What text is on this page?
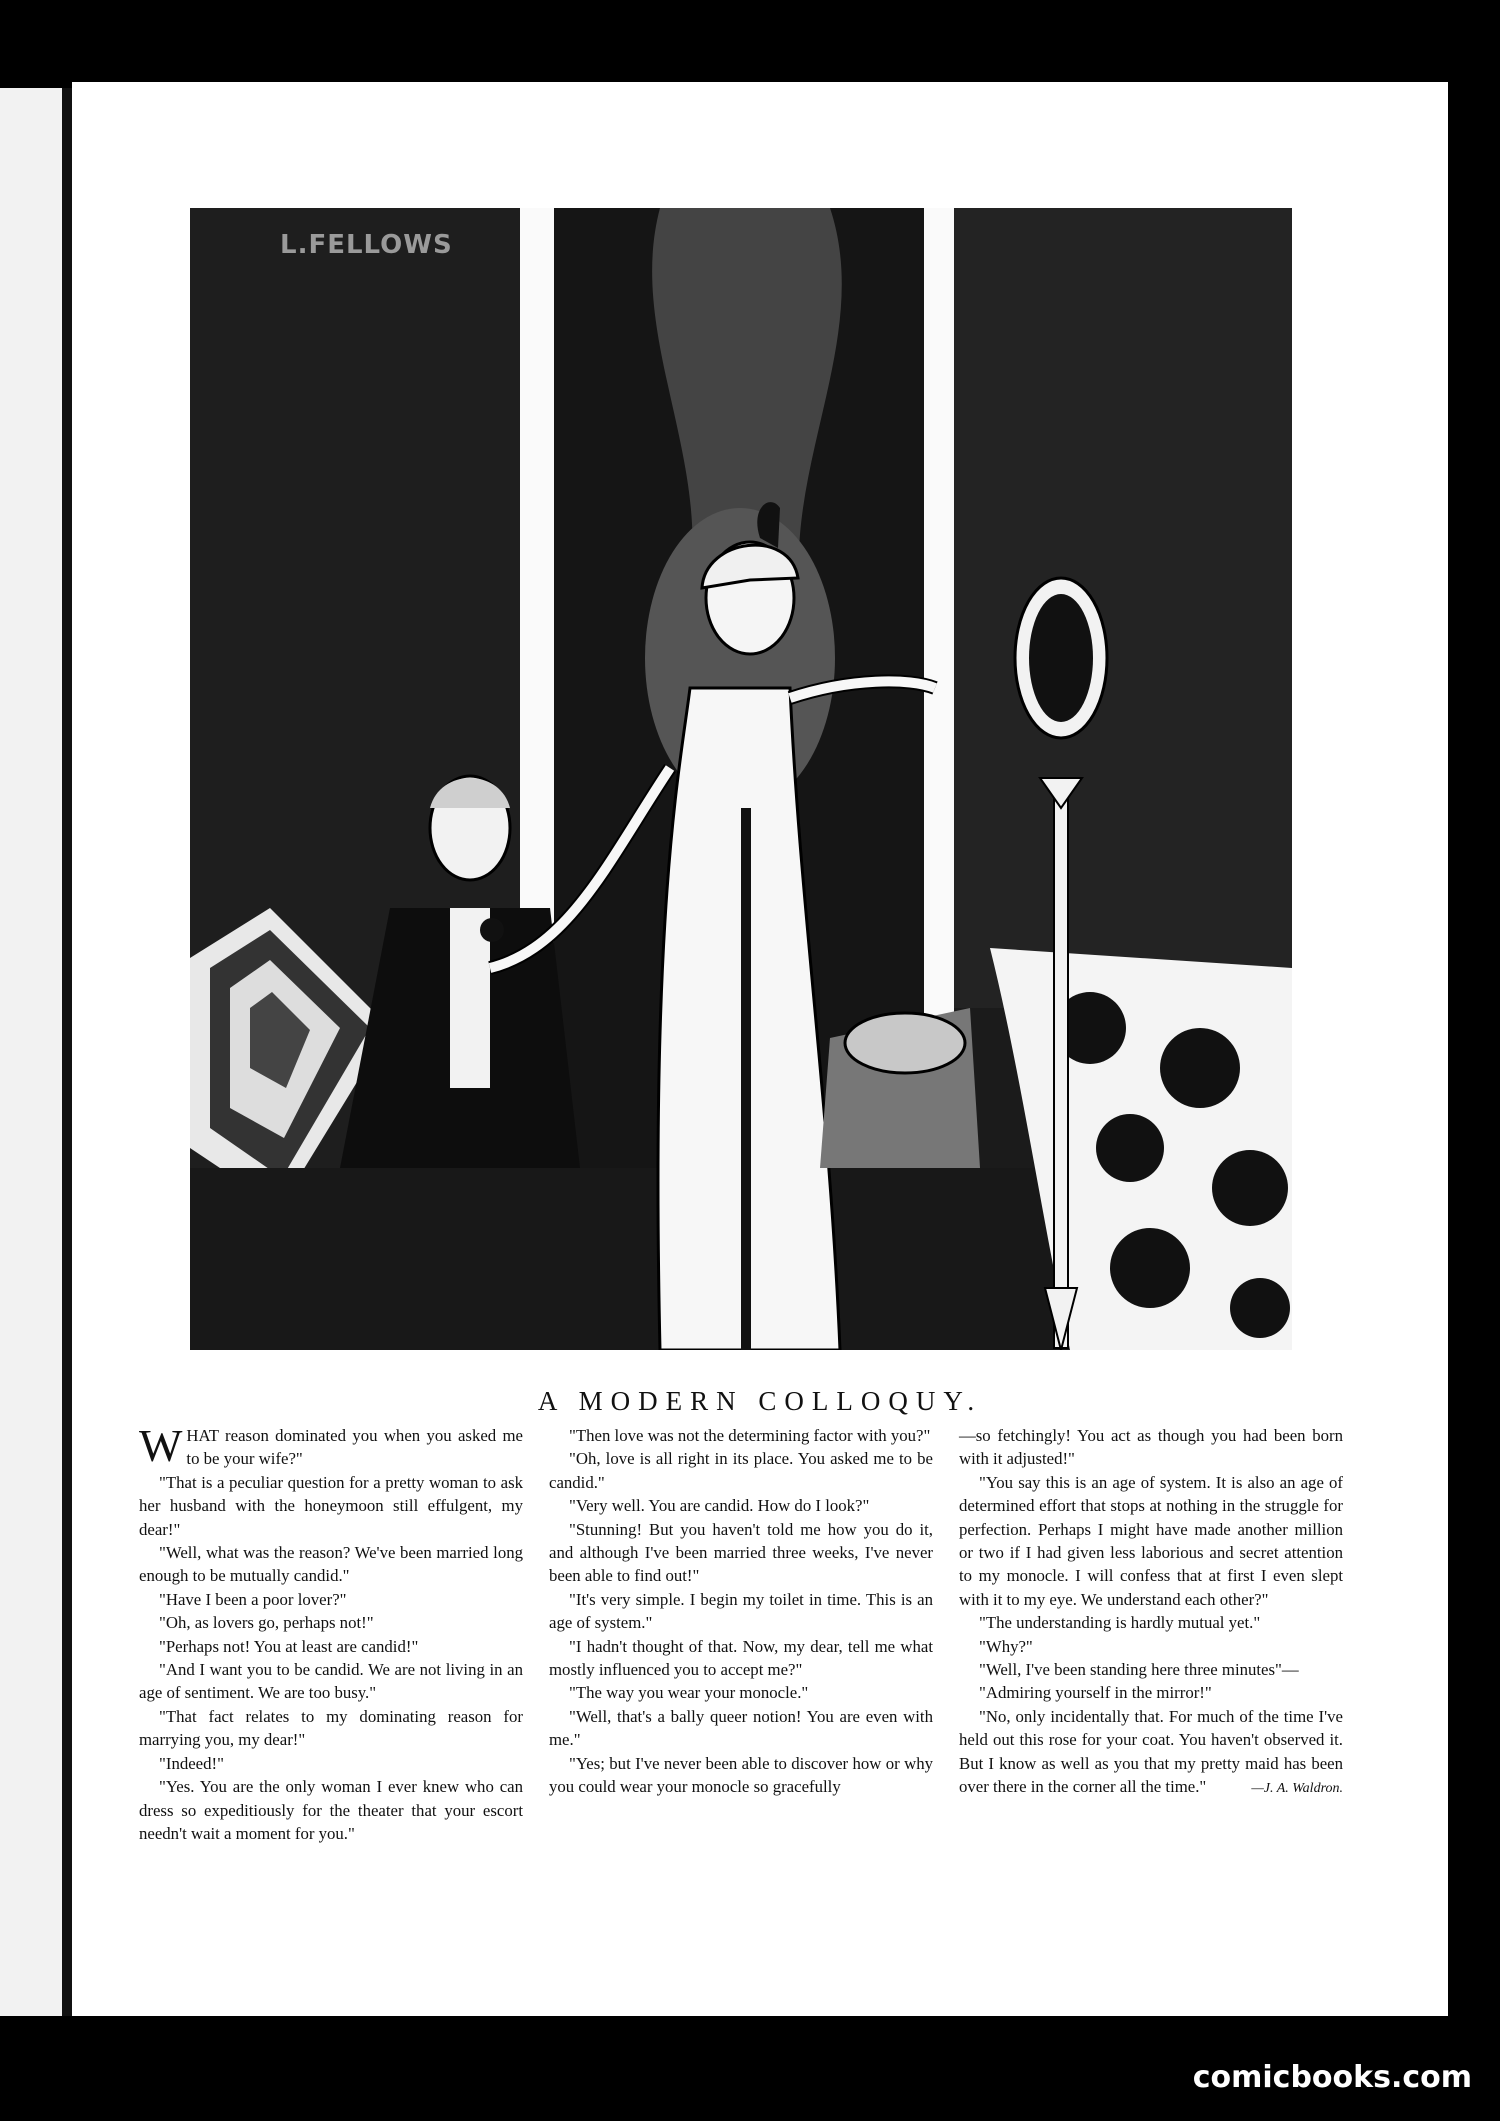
L.FELLOWS
A MODERN COLLOQUY.

WHAT reason dominated you when you asked me to be your wife?"

"That is a peculiar question for a pretty woman to ask her husband with the honeymoon still effulgent, my dear!"

"Well, what was the reason? We've been married long enough to be mutually candid."

"Have I been a poor lover?"

"Oh, as lovers go, perhaps not!"

"Perhaps not! You at least are candid!"

"And I want you to be candid. We are not living in an age of sentiment. We are too busy."

"That fact relates to my dominating reason for marrying you, my dear!"

"Indeed!"

"Yes. You are the only woman I ever knew who can dress so expeditiously for the theater that your escort needn't wait a moment for you."

"Then love was not the determining factor with you?"

"Oh, love is all right in its place. You asked me to be candid."

"Very well. You are candid. How do I look?"

"Stunning! But you haven't told me how you do it, and although I've been married three weeks, I've never been able to find out!"

"It's very simple. I begin my toilet in time. This is an age of system."

"I hadn't thought of that. Now, my dear, tell me what mostly influenced you to accept me?"

"The way you wear your monocle."

"Well, that's a bally queer notion! You are even with me."

"Yes; but I've never been able to discover how or why you could wear your monocle so gracefully

—so fetchingly! You act as though you had been born with it adjusted!"

"You say this is an age of system. It is also an age of determined effort that stops at nothing in the struggle for perfection. Perhaps I might have made another million or two if I had given less laborious and secret attention to my monocle. I will confess that at first I even slept with it to my eye. We understand each other?"

"The understanding is hardly mutual yet."

"Why?"

"Well, I've been standing here three minutes"—

"Admiring yourself in the mirror!"

"No, only incidentally that. For much of the time I've held out this rose for your coat. You haven't observed it. But I know as well as you that my pretty maid has been over there in the corner all the time."	—J. A. Waldron.
comicbooks.com
